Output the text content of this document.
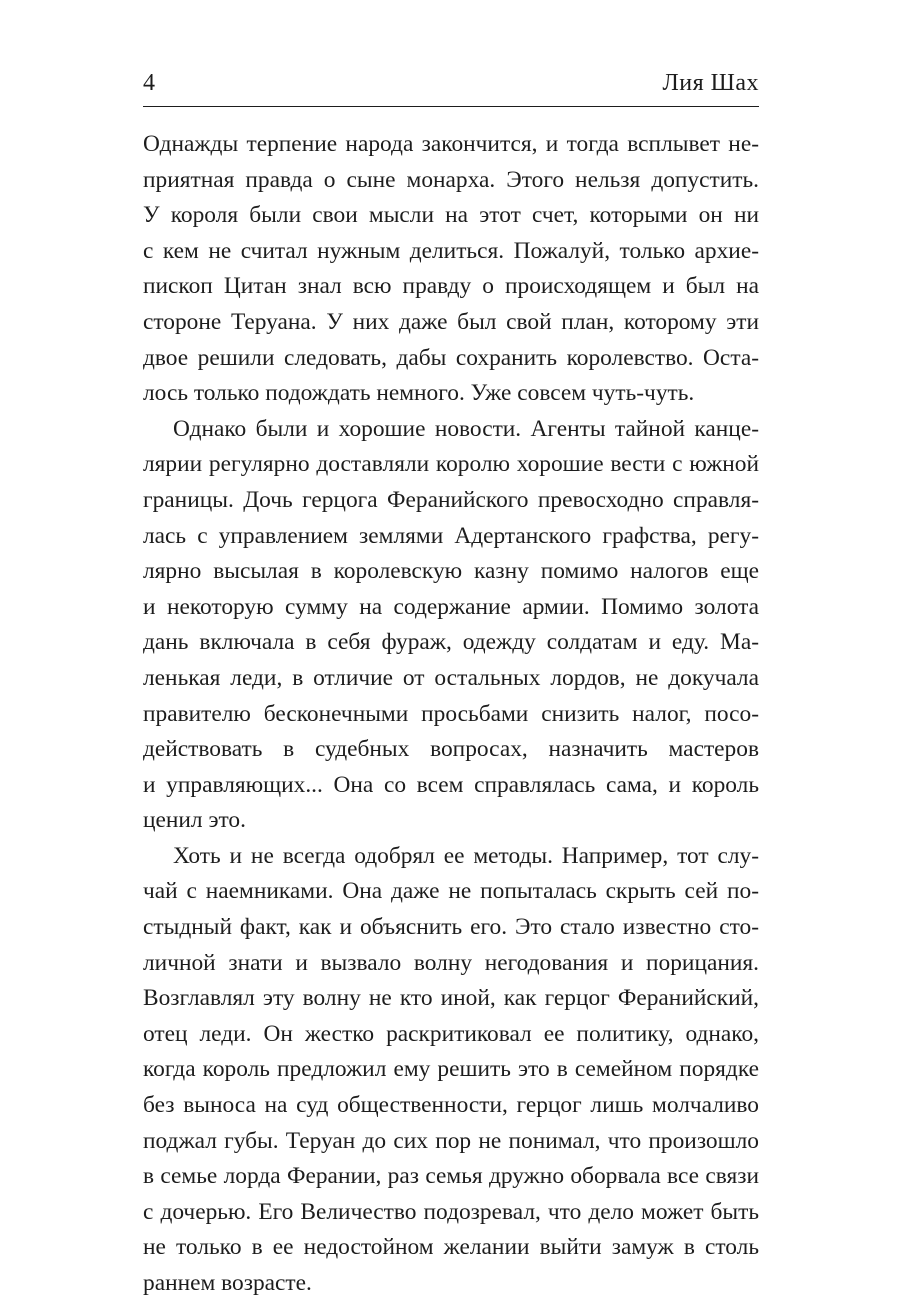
4	Лия Шах
Однажды терпение народа закончится, и тогда всплывет не-
приятная правда о сыне монарха. Этого нельзя допустить.
У короля были свои мысли на этот счет, которыми он ни
с кем не считал нужным делиться. Пожалуй, только архие-
пископ Цитан знал всю правду о происходящем и был на
стороне Теруана. У них даже был свой план, которому эти
двое решили следовать, дабы сохранить королевство. Оста-
лось только подождать немного. Уже совсем чуть-чуть.
Однако были и хорошие новости. Агенты тайной канце-
лярии регулярно доставляли королю хорошие вести с южной
границы. Дочь герцога Феранийского превосходно справля-
лась с управлением землями Адертанского графства, регу-
лярно высылая в королевскую казну помимо налогов еще
и некоторую сумму на содержание армии. Помимо золота
дань включала в себя фураж, одежду солдатам и еду. Ма-
ленькая леди, в отличие от остальных лордов, не докучала
правителю бесконечными просьбами снизить налог, посо-
действовать в судебных вопросах, назначить мастеров
и управляющих... Она со всем справлялась сама, и король
ценил это.
Хоть и не всегда одобрял ее методы. Например, тот слу-
чай с наемниками. Она даже не попыталась скрыть сей по-
стыдный факт, как и объяснить его. Это стало известно сто-
личной знати и вызвало волну негодования и порицания.
Возглавлял эту волну не кто иной, как герцог Феранийский,
отец леди. Он жестко раскритиковал ее политику, однако,
когда король предложил ему решить это в семейном порядке
без выноса на суд общественности, герцог лишь молчаливо
поджал губы. Теруан до сих пор не понимал, что произошло
в семье лорда Ферании, раз семья дружно оборвала все связи
с дочерью. Его Величество подозревал, что дело может быть
не только в ее недостойном желании выйти замуж в столь
раннем возрасте.
